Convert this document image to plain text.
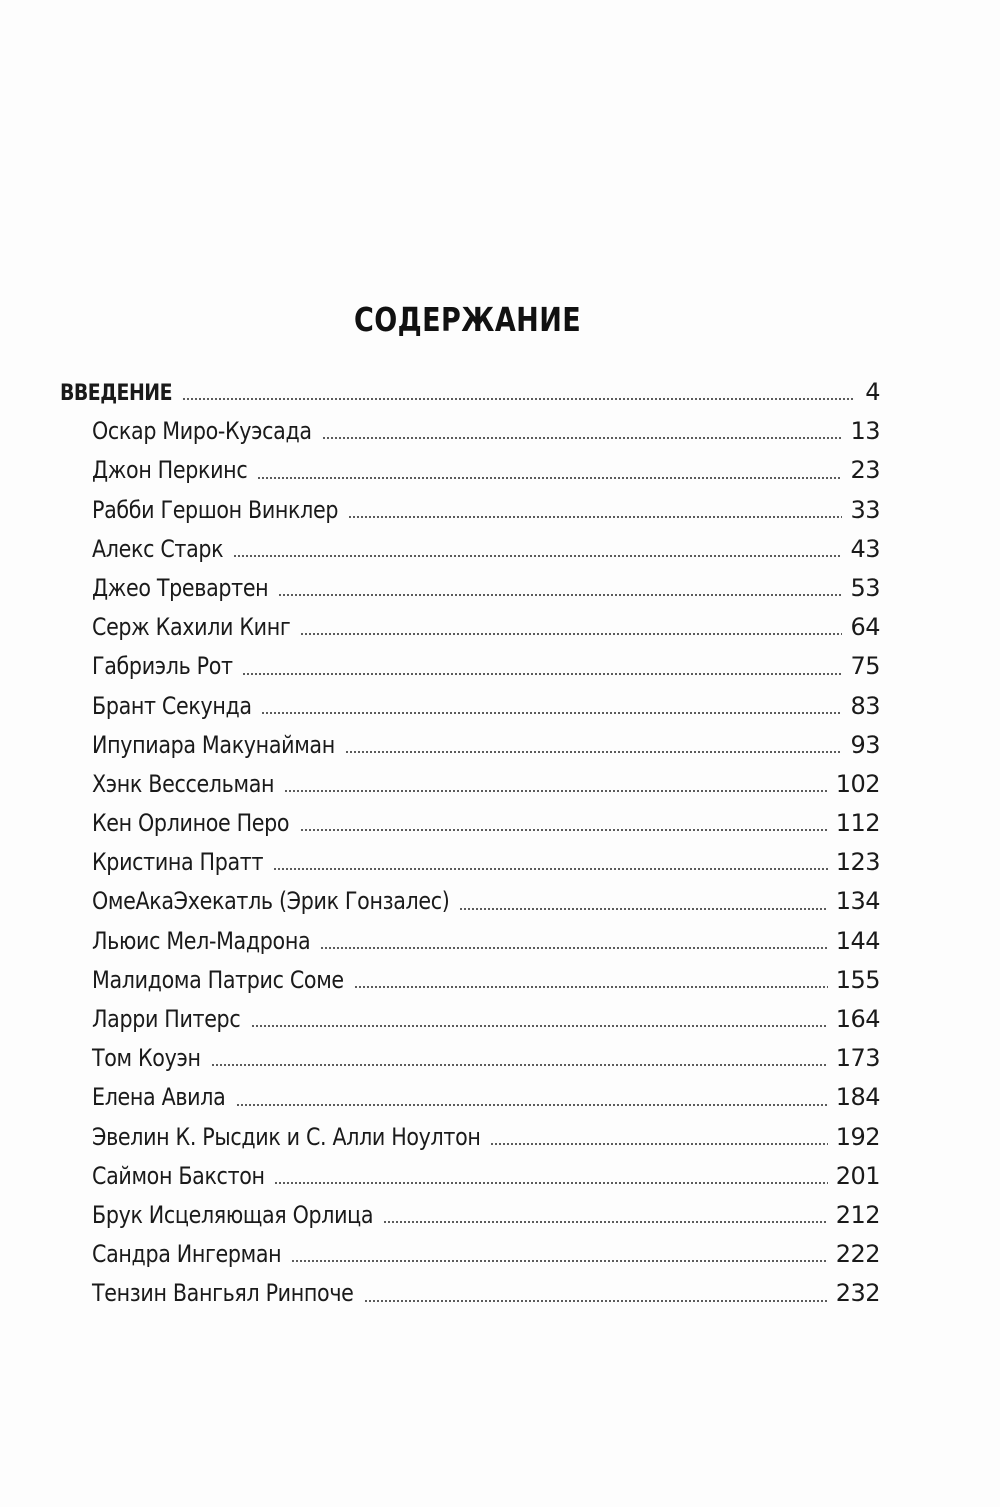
СОДЕРЖАНИЕ
ВВЕДЕНИЕ	4
Оскар Миро-Куэсада	13
Джон Перкинс	23
Рабби Гершон Винклер	33
Алекс Старк	43
Джео Тревартен	53
Серж Кахили Кинг	64
Габриэль Рот	75
Брант Секунда	83
Ипупиара Макунайман	93
Хэнк Вессельман	102
Кен Орлиное Перо	112
Кристина Пратт	123
ОмеАкаЭхекатль (Эрик Гонзалес)	134
Льюис Мел-Мадрона	144
Малидома Патрис Соме	155
Ларри Питерс	164
Том Коуэн	173
Елена Авила	184
Эвелин К. Рысдик и С. Алли Ноултон	192
Саймон Бакстон	201
Брук Исцеляющая Орлица	212
Сандра Ингерман	222
Тензин Вангьял Ринпоче	232
